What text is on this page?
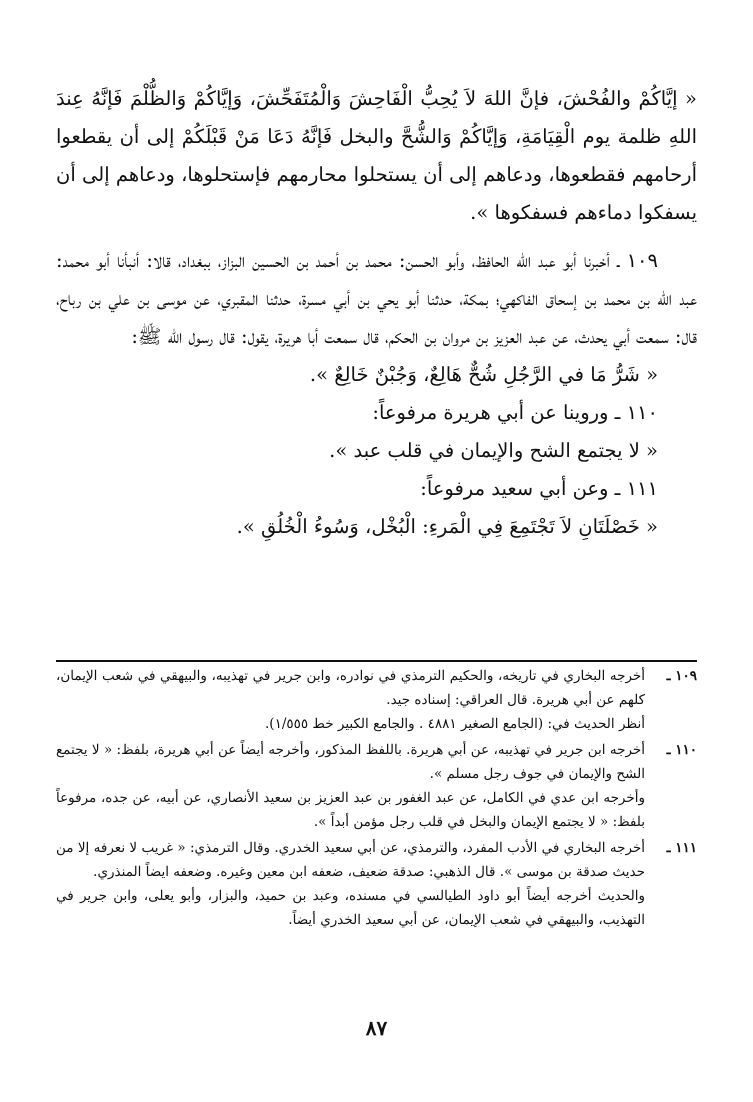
« إيَّاكُمْ والفُحْشَ، فإنَّ اللهَ لاَ يُحِبُّ الْفَاحِشَ وَالْمُتَفَحِّشَ، وَإيَّاكُمْ وَالظُّلْمَ فَإنَّهُ عِندَ اللهِ ظلمة يوم الْقِيَامَةِ، وَإيَّاكُمْ وَالشُّحَّ والبخل فَإنَّهُ دَعَا مَنْ قَبْلَكُمْ إلى أن يقطعوا أرحامهم فقطعوها، ودعاهم إلى أن يستحلوا محارمهم فإستحلوها، ودعاهم إلى أن يسفكوا دماءهم فسفكوها ».

١٠٩ ـ أخبرنا أبو عبد الله الحافظ، وأبو الحسن: محمد بن أحمد بن الحسين البزاز، ببغداد، قالا: أنبأنا أبو محمد: عبد الله بن محمد بن إسحاق الفاكهي؛ بمكة، حدثنا أبو يحي بن أبي مسرة، حدثنا المقبري، عن موسى بن علي بن رباح، قال: سمعت أبي يحدث، عن عبد العزيز بن مروان بن الحكم، قال سمعت أبا هريرة، يقول: قال رسول الله ﷺ:

« شَرُّ مَا في الرَّجُلِ شُحٌّ هَالِعٌ، وَجُبْنٌ خَالِعٌ ».

١١٠ ـ وروينا عن أبي هريرة مرفوعاً:

« لا يجتمع الشح والإيمان في قلب عبد ».

١١١ ـ وعن أبي سعيد مرفوعاً:

« خَصْلَتَانِ لاَ تَجْتَمِعَ فِي الْمَرءِ: الْبُخْل، وَسُوءُ الْخُلُقِ ».

١٠٩ ـ

أخرجه البخاري في تاريخه، والحكيم الترمذي في نوادره، وابن جرير في تهذيبه، والبيهقي في شعب الإيمان، كلهم عن أبي هريرة. قال العراقي: إسناده جيد.

أنظر الحديث في: (الجامع الصغير ٤٨٨١ . والجامع الكبير خط ١/٥٥٥).

١١٠ ـ

أخرجه ابن جرير في تهذيبه، عن أبي هريرة. باللفظ المذكور، وأخرجه أيضاً عن أبي هريرة، بلفظ: « لا يجتمع الشح والإيمان في جوف رجل مسلم ».

وأخرجه ابن عدي في الكامل، عن عبد الغفور بن عبد العزيز بن سعيد الأنصاري، عن أبيه، عن جده، مرفوعاً بلفظ: « لا يجتمع الإيمان والبخل في قلب رجل مؤمن أبداً ».

١١١ ـ

أخرجه البخاري في الأدب المفرد، والترمذي، عن أبي سعيد الخدري. وقال الترمذي: « غريب لا نعرفه إلا من حديث صدقة بن موسى ». قال الذهبي: صدقة ضعيف، ضعفه ابن معين وغيره. وضعفه ايضاً المنذري.

والحديث أخرجه أيضاً أبو داود الطيالسي في مسنده، وعبد بن حميد، والبزار، وأبو يعلى، وابن جرير في التهذيب، والبيهقي في شعب الإيمان، عن أبي سعيد الخدري أيضاً.

٨٧
